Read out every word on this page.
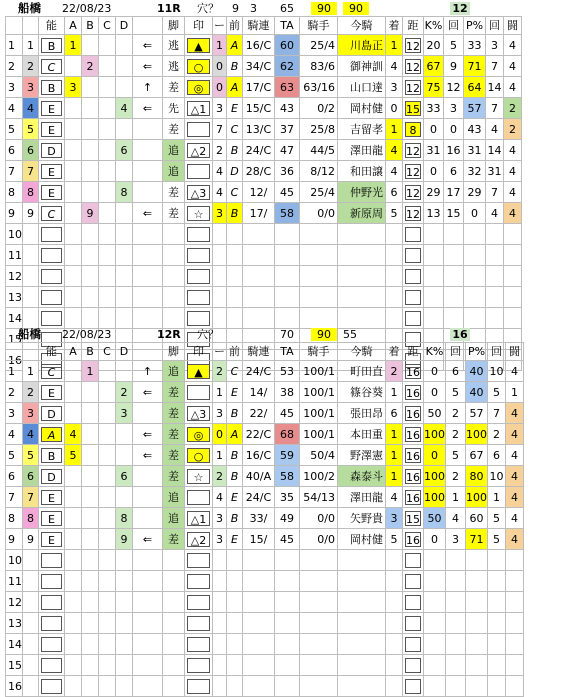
船橋 22/08/23	11R 穴？ 9 3 65	90	90	12
		能	A	B	C	D		脚	印	ー	前	騎連	TA	騎手	今騎	着	距	K%	回	P%	回	闘
1	1	B	1				⇐	逃	▲	1	A	16/C	60	25/4	川島正	1	12	20	5	33	3	4
2	2	C		2			⇐	逃	○	0	B	34/C	62	83/6	御神訓	4	12	67	9	71	7	4
3	3	B	3				↑	差	◎	0	A	17/C	63	63/16	山口達	3	12	75	12	64	14	4
4	4	E				4	⇐	先	△1	3	E	15/C	43	0/2	岡村健	0	15	33	3	57	7	2
5	5	E						差		7	C	13/C	37	25/8	吉留孝	1	8	0	0	43	4	2
6	6	D				6		追	△2	2	B	24/C	47	44/5	澤田龍	4	12	31	16	31	14	4
7	7	E						追		4	D	28/C	36	8/12	和田譲	4	12	0	6	32	31	4
8	8	E				8		差	△3	4	C	12/	45	25/4	仲野光	6	12	29	17	29	7	4
9	9	C		9			⇐	差	☆	3	B	17/	58	0/0	新原周	5	12	13	15	0	4	4
10		

11		

12		

13		

14		

15		

16		

船橋 22/08/23	12R 穴？	70	90	55	16
		能	A	B	C	D		脚	印	ー	前	騎連	TA	騎手	今騎	着	距	K%	回	P%	回	闘
1	1	C		1			↑	追	▲	2	C	24/C	53	100/1	町田直	2	16	0	6	40	10	4
2	2	E				2	⇐	差		1	E	14/	38	100/1	篠谷葵	1	16	0	5	40	5	1
3	3	D				3		差	△3	3	B	22/	45	100/1	張田昂	6	16	50	2	57	7	4
4	4	A	4				⇐	差	◎	0	A	22/C	68	100/1	本田重	1	16	100	2	100	2	4
5	5	B	5				⇐	差	○	1	B	16/C	59	50/4	野澤憲	1	16	0	5	67	6	4
6	6	D				6		差	☆	2	B	40/A	58	100/2	森泰斗	1	16	100	2	80	10	4
7	7	E						追		4	E	24/C	35	54/13	澤田龍	4	16	100	1	100	1	4
8	8	E				8		追	△1	3	B	33/	49	0/0	矢野貴	3	15	50	4	60	5	4
9	9	E				9	⇐	差	△2	3	E	15/	45	0/0	岡村健	5	16	0	3	71	5	4
10		

11		

12		

13		

14		

15		

16		
